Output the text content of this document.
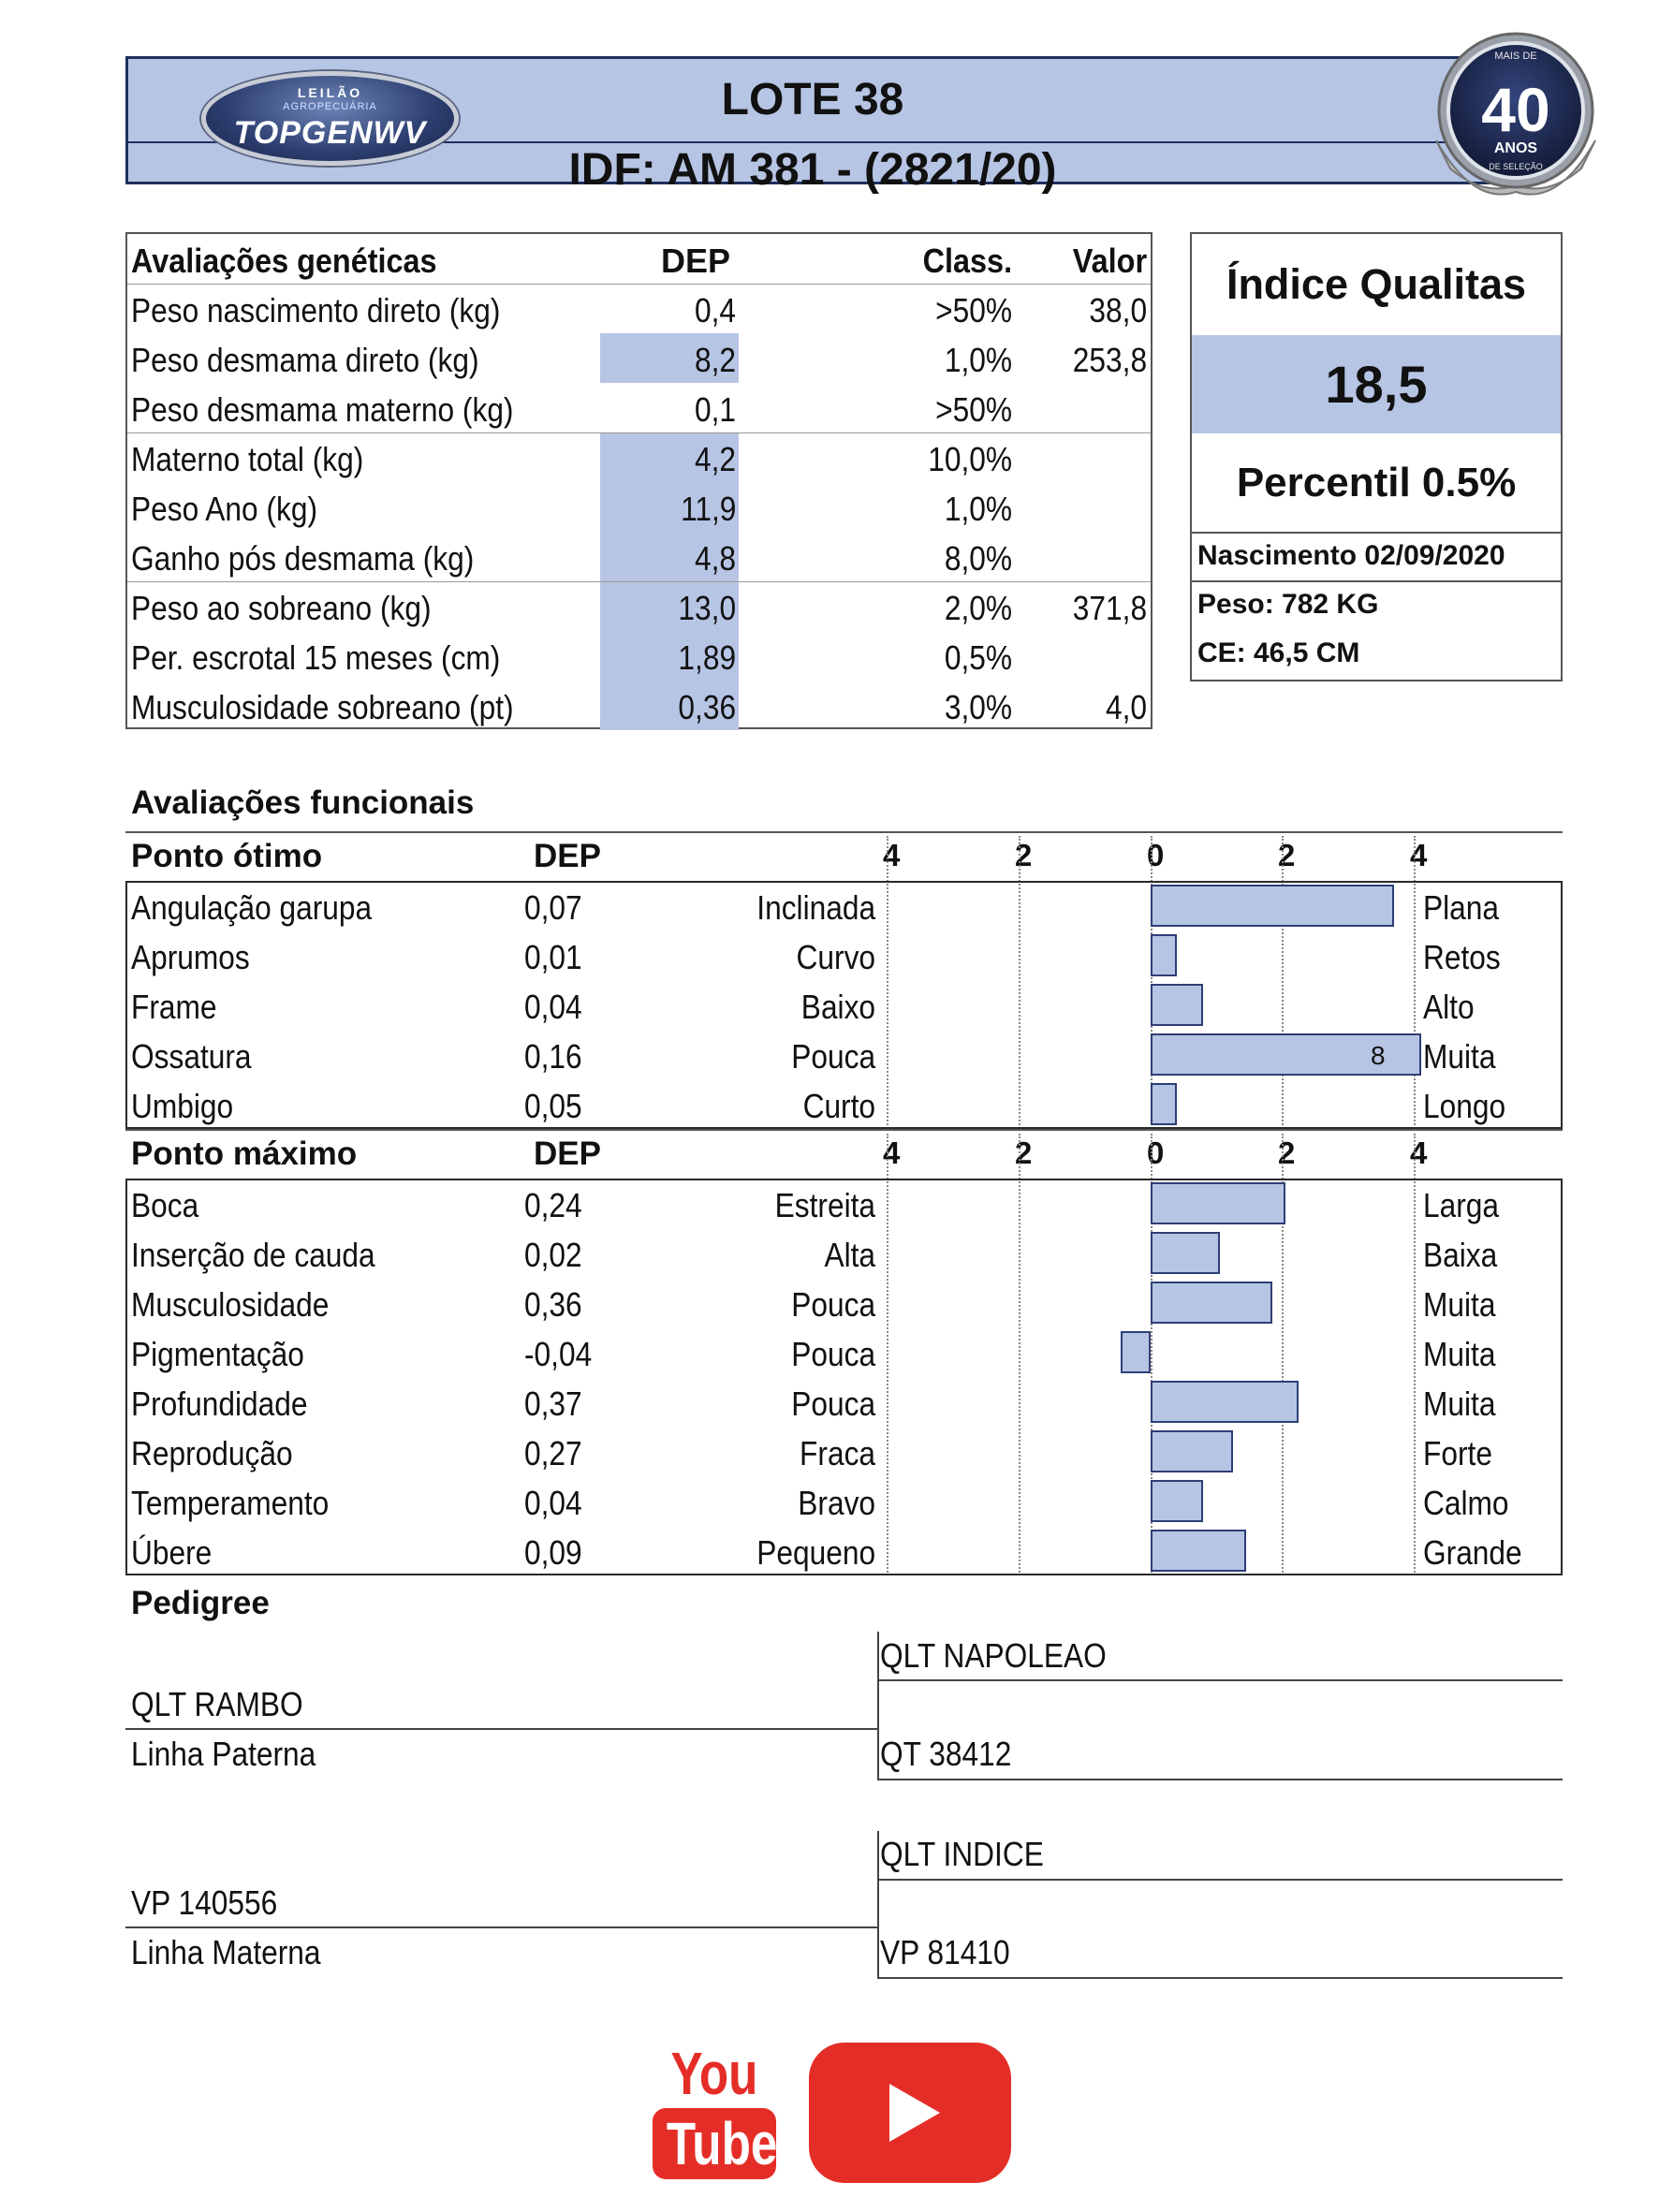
LOTE 38
IDF: AM 381 - (2821/20)
LEILÃO
AGROPECUÁRIA
TOPGENWV
MAIS DE
40
ANOS
DE SELEÇÃO
Avaliações genéticas	DEP	Class. Valor
Peso nascimento direto (kg)	0,4	>50% 38,0
Peso desmama direto (kg)	8,2	1,0% 253,8
Peso desmama materno (kg)	0,1	>50%
Materno total (kg)	4,2	10,0%
Peso Ano (kg)	11,9	1,0%
Ganho pós desmama (kg)	4,8	8,0%
Peso ao sobreano (kg)	13,0	2,0% 371,8
Per. escrotal 15 meses (cm)	1,89	0,5%
Musculosidade sobreano (pt)	0,36	3,0%	4,0
Índice Qualitas
18,5
Percentil 0.5%
Nascimento 02/09/2020
Peso: 782 KG
CE: 46,5 CM
Avaliações funcionais
Ponto ótimo	DEP	4	2	0	2	4
Angulação garupa	0,07	Inclinada	Plana
Aprumos	0,01	Curvo	Retos
Frame	0,04	Baixo	Alto
8
Ossatura	0,16	Pouca	Muita
Umbigo	0,05	Curto	Longo
Ponto máximo	DEP	4	2	0	2	4
Boca	0,24	Estreita	Larga
Inserção de cauda	0,02	Alta	Baixa
Musculosidade	0,36	Pouca	Muita
Pigmentação	-0,04	Pouca	Muita
Profundidade	0,37	Pouca	Muita
Reprodução	0,27	Fraca	Forte
Temperamento	0,04	Bravo	Calmo
Úbere	0,09	Pequeno	Grande
Pedigree
QLT NAPOLEAO
QLT RAMBO
Linha Paterna	QT 38412
QLT INDICE
VP 140556
Linha Materna	VP 81410
You
Tube
